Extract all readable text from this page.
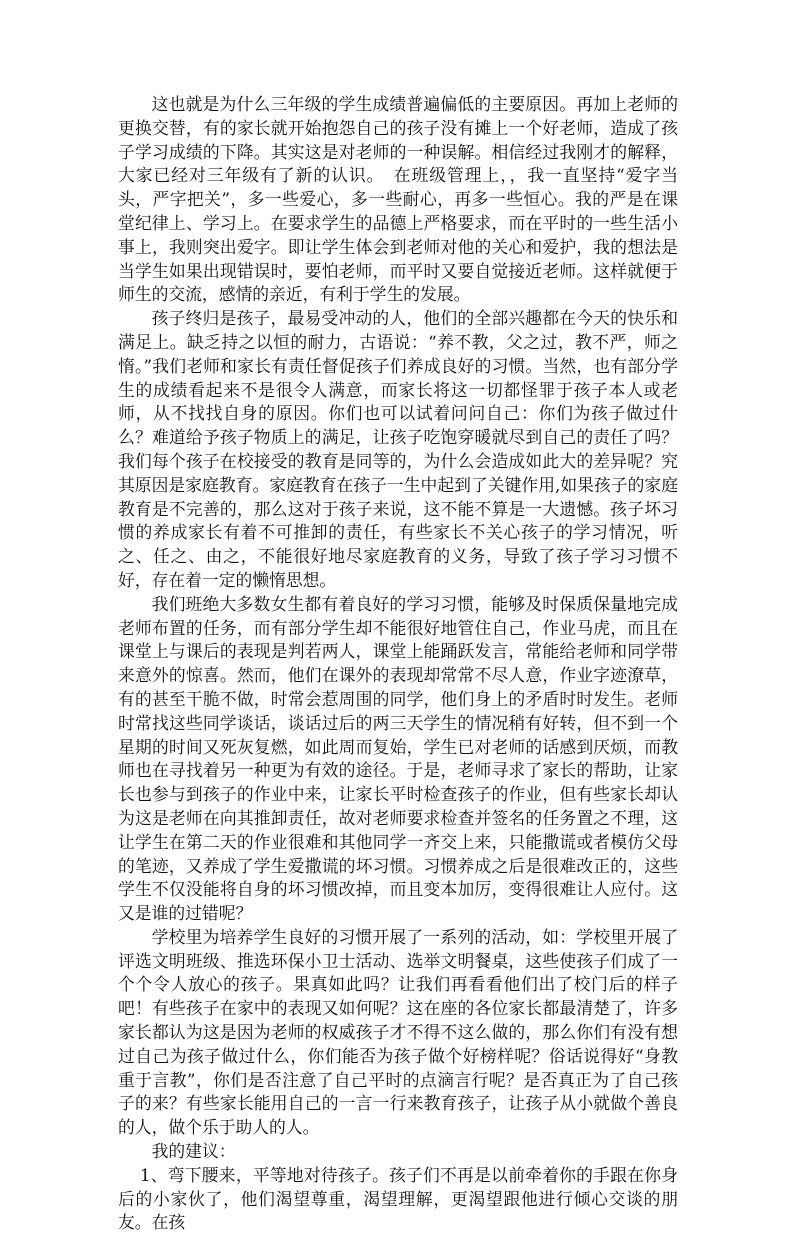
这也就是为什么三年级的学生成绩普遍偏低的主要原因。再加上老师的更换交替，有的家长就开始抱怨自己的孩子没有摊上一个好老师，造成了孩子学习成绩的下降。其实这是对老师的一种误解。相信经过我刚才的解释，大家已经对三年级有了新的认识。　在班级管理上，，我一直坚持“爱字当头，严字把关”，多一些爱心，多一些耐心，再多一些恒心。我的严是在课堂纪律上、学习上。在要求学生的品德上严格要求，而在平时的一些生活小事上，我则突出爱字。即让学生体会到老师对他的关心和爱护，我的想法是当学生如果出现错误时，要怕老师，而平时又要自觉接近老师。这样就便于师生的交流，感情的亲近，有利于学生的发展。

孩子终归是孩子，最易受冲动的人，他们的全部兴趣都在今天的快乐和满足上。缺乏持之以恒的耐力，古语说：“养不教，父之过，教不严，师之惰。”我们老师和家长有责任督促孩子们养成良好的习惯。当然，也有部分学生的成绩看起来不是很令人满意，而家长将这一切都怪罪于孩子本人或老师，从不找找自身的原因。你们也可以试着问问自己：你们为孩子做过什么？难道给予孩子物质上的满足，让孩子吃饱穿暖就尽到自己的责任了吗？我们每个孩子在校接受的教育是同等的，为什么会造成如此大的差异呢？究其原因是家庭教育。家庭教育在孩子一生中起到了关键作用,如果孩子的家庭教育是不完善的，那么这对于孩子来说，这不能不算是一大遗憾。孩子坏习惯的养成家长有着不可推卸的责任，有些家长不关心孩子的学习情况，听之、任之、由之，不能很好地尽家庭教育的义务，导致了孩子学习习惯不好，存在着一定的懒惰思想。

我们班绝大多数女生都有着良好的学习习惯，能够及时保质保量地完成老师布置的任务，而有部分学生却不能很好地管住自己，作业马虎，而且在课堂上与课后的表现是判若两人，课堂上能踊跃发言，常能给老师和同学带来意外的惊喜。然而，他们在课外的表现却常常不尽人意，作业字迹潦草，有的甚至干脆不做，时常会惹周围的同学，他们身上的矛盾时时发生。老师时常找这些同学谈话，谈话过后的两三天学生的情况稍有好转，但不到一个星期的时间又死灰复燃，如此周而复始，学生已对老师的话感到厌烦，而教师也在寻找着另一种更为有效的途径。于是，老师寻求了家长的帮助，让家长也参与到孩子的作业中来，让家长平时检查孩子的作业，但有些家长却认为这是老师在向其推卸责任，故对老师要求检查并签名的任务置之不理，这让学生在第二天的作业很难和其他同学一齐交上来，只能撒谎或者模仿父母的笔迹，又养成了学生爱撒谎的坏习惯。习惯养成之后是很难改正的，这些学生不仅没能将自身的坏习惯改掉，而且变本加厉，变得很难让人应付。这又是谁的过错呢？

学校里为培养学生良好的习惯开展了一系列的活动，如：学校里开展了评选文明班级、推选环保小卫士活动、选举文明餐桌，这些使孩子们成了一个个令人放心的孩子。果真如此吗？让我们再看看他们出了校门后的样子吧！有些孩子在家中的表现又如何呢？这在座的各位家长都最清楚了，许多家长都认为这是因为老师的权威孩子才不得不这么做的，那么你们有没有想过自己为孩子做过什么，你们能否为孩子做个好榜样呢？俗话说得好“身教重于言教”，你们是否注意了自己平时的点滴言行呢？是否真正为了自己孩子的来？有些家长能用自己的一言一行来教育孩子，让孩子从小就做个善良的人，做个乐于助人的人。

我的建议：

1、弯下腰来，平等地对待孩子。孩子们不再是以前牵着你的手跟在你身后的小家伙了，他们渴望尊重，渴望理解，更渴望跟他进行倾心交谈的朋友。在孩
